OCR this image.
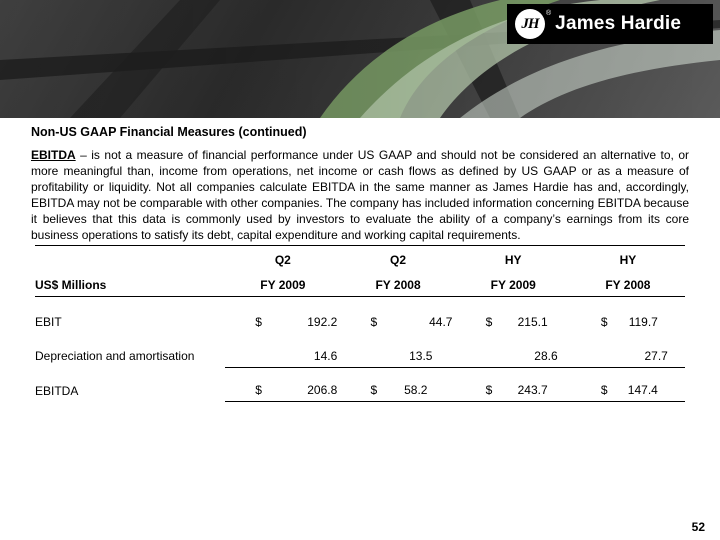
JH
® James Hardie
Non-US GAAP Financial Measures (continued)
EBITDA – is not a measure of financial performance under US GAAP and should not be considered an alternative to, or more meaningful than, income from operations, net income or cash flows as defined by US GAAP or as a measure of profitability or liquidity. Not all companies calculate EBITDA in the same manner as James Hardie has and, accordingly, EBITDA may not be comparable with other companies. The company has included information concerning EBITDA because it believes that this data is commonly used by investors to evaluate the ability of a company’s earnings from its core business operations to satisfy its debt, capital expenditure and working capital requirements.
	Q2	Q2	HY	HY
US$ Millions	FY 2009	FY 2008	FY 2009	FY 2008

EBIT	$ 192.2	$ 44.7	$ 215.1	$ 119.7

Depreciation and amortisation	14.6	13.5	28.6	27.7

EBITDA	$ 206.8	$ 58.2	$ 243.7	$ 147.4
52
